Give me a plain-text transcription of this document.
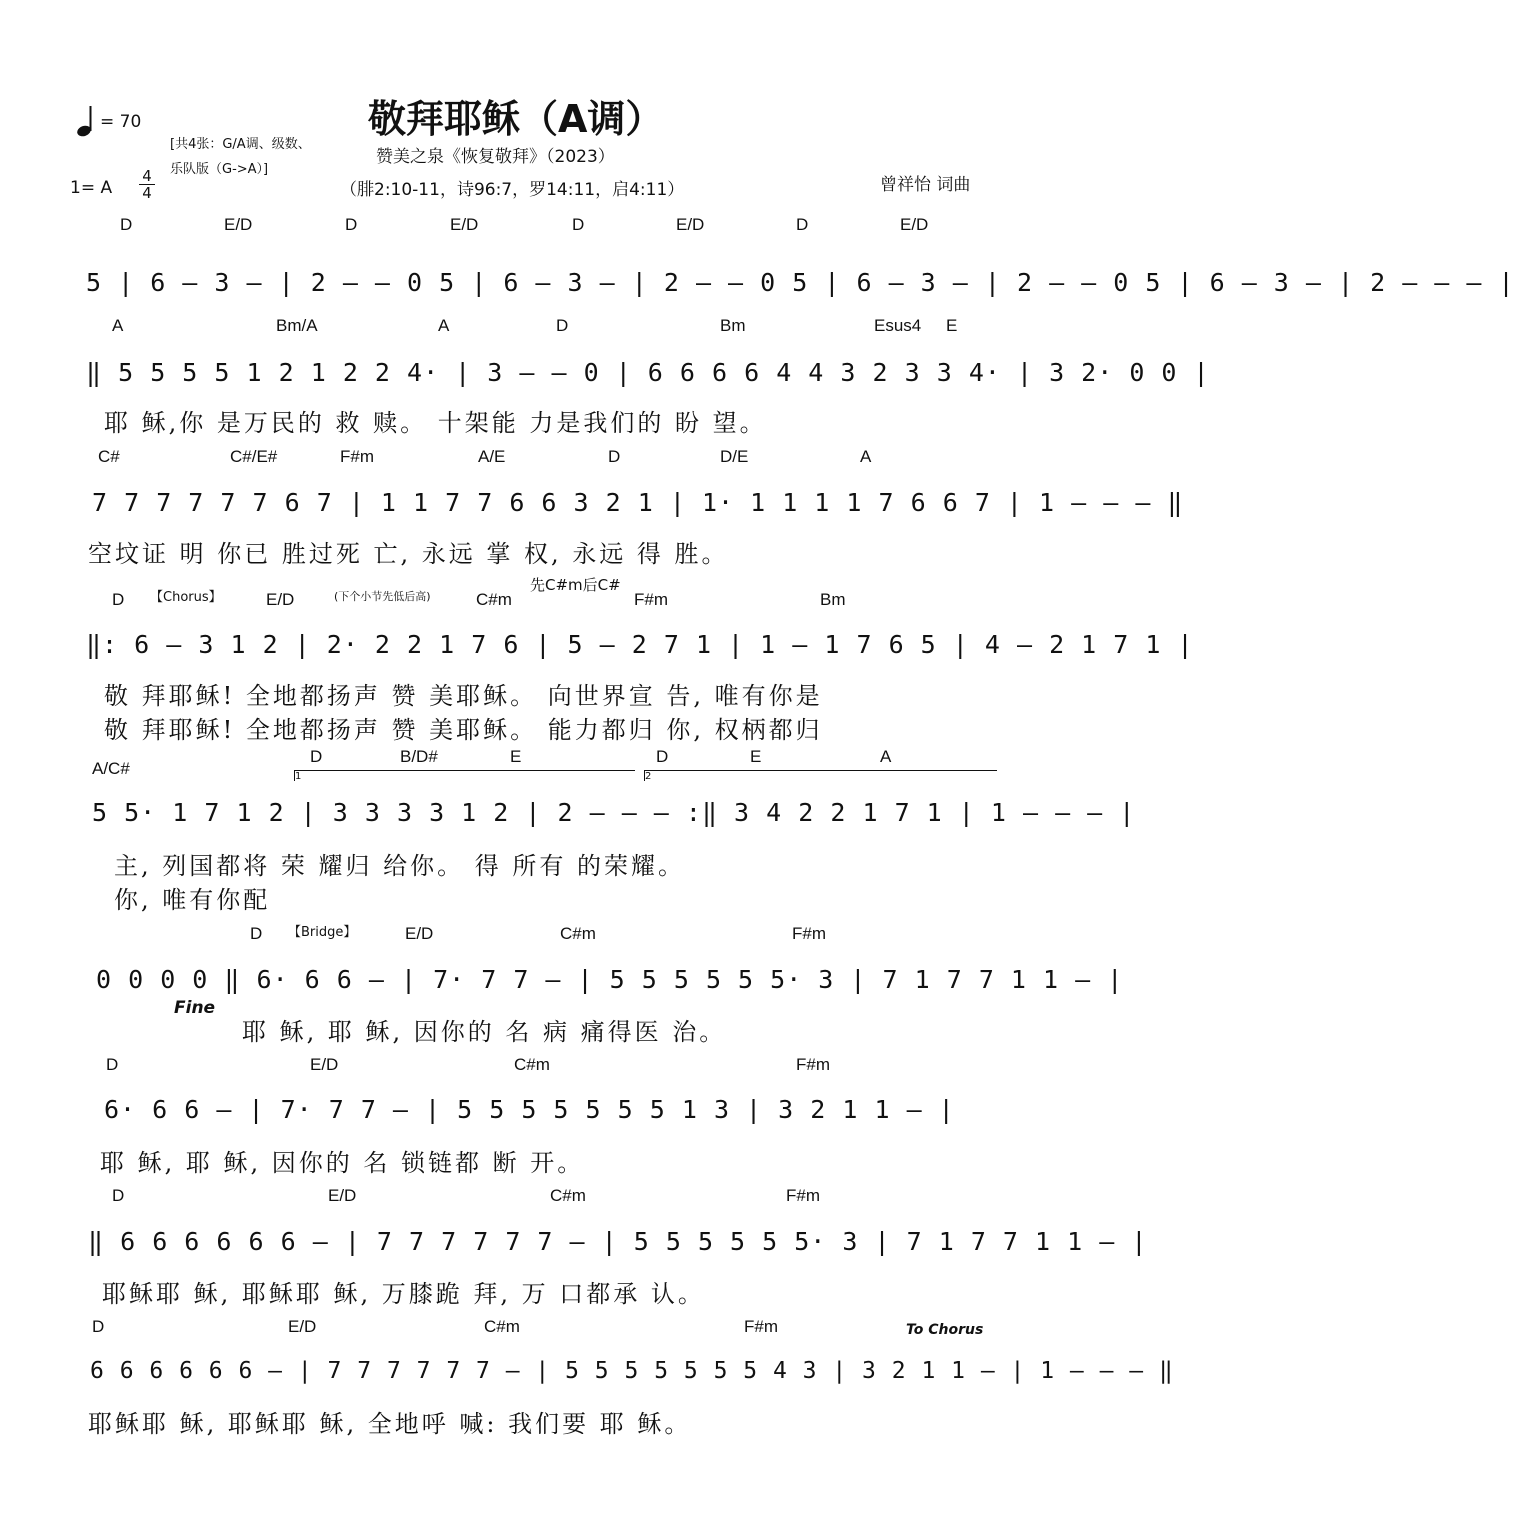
= 70	敬拜耶稣（A调）
[共4张：G/A调、级数、
乐队版（G->A）]
赞美之泉《恢复敬拜》（2023）
1= A
4
4	（腓2:10-11，诗96:7，罗14:11，启4:11）	曾祥怡 词曲
D	E/D	D	E/D	D	E/D	D	E/D
5 | 6 – 3 – | 2 – – 0 5 | 6 – 3 – | 2 – – 0 5 | 6 – 3 – | 2 – – 0 5 | 6 – 3 – | 2 – – – |
A	Bm/A	A	D	Bm	Esus4 E
‖ 5 5 5 5 1 2 1 2 2 4· | 3 – – 0 | 6 6 6 6 4 4 3 2 3 3 4· | 3 2· 0 0 |
耶 稣,你 是万民的 救 赎。 十架能 力是我们的 盼 望。
C#	C#/E#	F#m	A/E	D	D/E	A
7 7 7 7 7 7 6 7 | 1 1 7 7 6 6 3 2 1 | 1· 1 1 1 1 7 6 6 7 | 1 – – – ‖
空坟证 明 你已 胜过死 亡, 永远 掌 权, 永远 得 胜。
D 【Chorus】	E/D	(下个小节先低后高)	C#m
先C#m后C#
F#m	Bm
‖: 6 – 3 1 2 | 2· 2 2 1 7 6 | 5 – 2 7 1 | 1 – 1 7 6 5 | 4 – 2 1 7 1 |
敬 拜耶稣! 全地都扬声 赞 美耶稣。 向世界宣 告, 唯有你是
敬 拜耶稣! 全地都扬声 赞 美耶稣。 能力都归 你, 权柄都归
A/C#	1	2
D	B/D#	E	D	E	A
5 5· 1 7 1 2 | 3 3 3 3 1 2 | 2 – – – :‖ 3 4 2 2 1 7 1 | 1 – – – |
主, 列国都将 荣 耀归 给你。 得 所有 的荣耀。
你, 唯有你配
D 【Bridge】	E/D	C#m	F#m
0 0 0 0 ‖ 6· 6 6 – | 7· 7 7 – | 5 5 5 5 5 5· 3 | 7 1 7 7 1 1 – |
Fine
耶 稣, 耶 稣, 因你的 名 病 痛得医 治。
D	E/D	C#m	F#m
6· 6 6 – | 7· 7 7 – | 5 5 5 5 5 5 5 1 3 | 3 2 1 1 – |
耶 稣, 耶 稣, 因你的 名 锁链都 断 开。
D	E/D	C#m	F#m
‖ 6 6 6 6 6 6 – | 7 7 7 7 7 7 – | 5 5 5 5 5 5· 3 | 7 1 7 7 1 1 – |
耶稣耶 稣, 耶稣耶 稣, 万膝跪 拜, 万 口都承 认。
D	E/D	C#m	F#m	To Chorus
6 6 6 6 6 6 – | 7 7 7 7 7 7 – | 5 5 5 5 5 5 5 4 3 | 3 2 1 1 – | 1 – – – ‖
耶稣耶 稣, 耶稣耶 稣, 全地呼 喊: 我们要 耶 稣。
